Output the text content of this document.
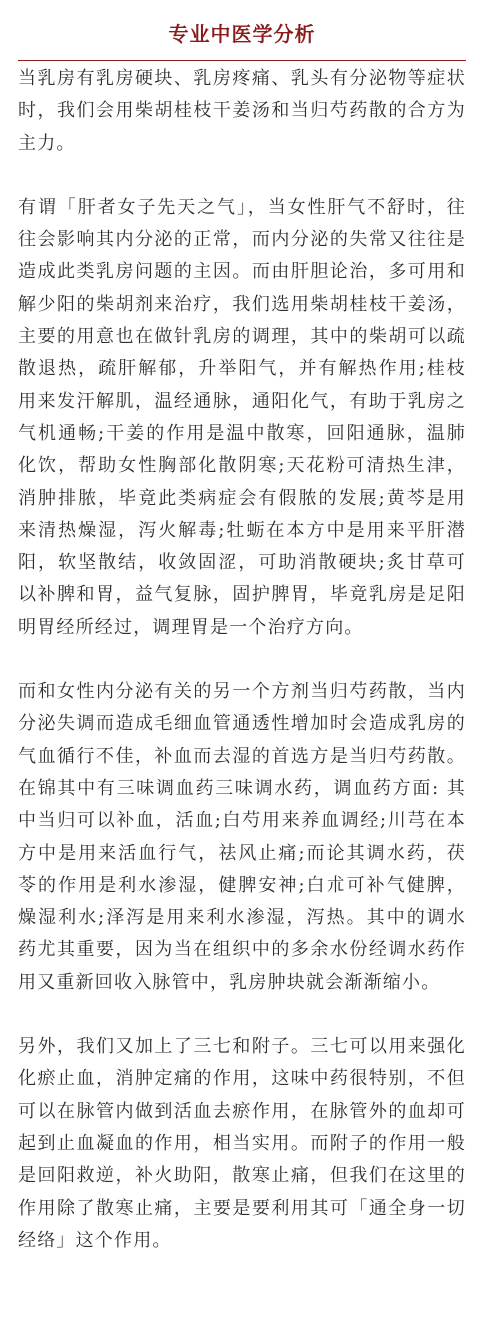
专业中医学分析

当乳房有乳房硬块、乳房疼痛、乳头有分泌物等症状时，我们会用柴胡桂枝干姜汤和当归芍药散的合方为主力。

有谓「肝者女子先天之气」，当女性肝气不舒时，往往会影响其内分泌的正常，而内分泌的失常又往往是造成此类乳房问题的主因。而由肝胆论治，多可用和解少阳的柴胡剂来治疗，我们选用柴胡桂枝干姜汤，主要的用意也在做针乳房的调理，其中的柴胡可以疏散退热，疏肝解郁，升举阳气，并有解热作用;桂枝用来发汗解肌，温经通脉，通阳化气，有助于乳房之气机通畅;干姜的作用是温中散寒，回阳通脉，温肺化饮，帮助女性胸部化散阴寒;天花粉可清热生津，消肿排脓，毕竟此类病症会有假脓的发展;黄芩是用来清热燥湿，泻火解毒;牡蛎在本方中是用来平肝潜阳，软坚散结，收敛固涩，可助消散硬块;炙甘草可以补脾和胃，益气复脉，固护脾胃，毕竟乳房是足阳明胃经所经过，调理胃是一个治疗方向。

而和女性内分泌有关的另一个方剂当归芍药散，当内分泌失调而造成毛细血管通透性增加时会造成乳房的气血循行不佳，补血而去湿的首选方是当归芍药散。在锦其中有三味调血药三味调水药，调血药方面: 其中当归可以补血，活血;白芍用来养血调经;川芎在本方中是用来活血行气，祛风止痛;而论其调水药，茯苓的作用是利水渗湿，健脾安神;白朮可补气健脾，燥湿利水;泽泻是用来利水渗湿，泻热。其中的调水药尤其重要，因为当在组织中的多余水份经调水药作用又重新回收入脉管中，乳房肿块就会渐渐缩小。

另外，我们又加上了三七和附子。三七可以用来强化化瘀止血，消肿定痛的作用，这味中药很特别，不但可以在脉管内做到活血去瘀作用，在脉管外的血却可起到止血凝血的作用，相当实用。而附子的作用一般是回阳救逆，补火助阳，散寒止痛，但我们在这里的作用除了散寒止痛，主要是要利用其可「通全身一切经络」这个作用。
